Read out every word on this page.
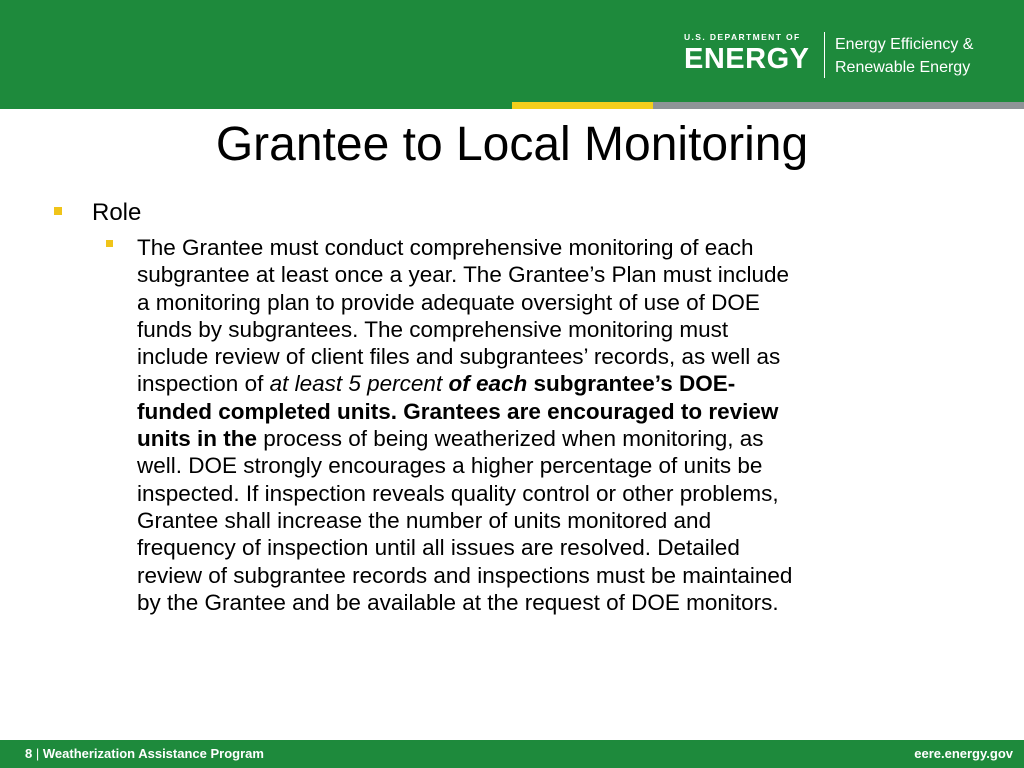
U.S. DEPARTMENT OF
ENERGY Energy Efficiency &
Renewable Energy
Grantee to Local Monitoring
Role
The Grantee must conduct comprehensive monitoring of each
subgrantee at least once a year. The Grantee’s Plan must include
a monitoring plan to provide adequate oversight of use of DOE
funds by subgrantees. The comprehensive monitoring must
include review of client files and subgrantees’ records, as well as
inspection of at least 5 percent of each subgrantee’s DOE-
funded completed units. Grantees are encouraged to review
units in the process of being weatherized when monitoring, as
well. DOE strongly encourages a higher percentage of units be
inspected. If inspection reveals quality control or other problems,
Grantee shall increase the number of units monitored and
frequency of inspection until all issues are resolved. Detailed
review of subgrantee records and inspections must be maintained
by the Grantee and be available at the request of DOE monitors.
8 | Weatherization Assistance Program	eere.energy.gov
